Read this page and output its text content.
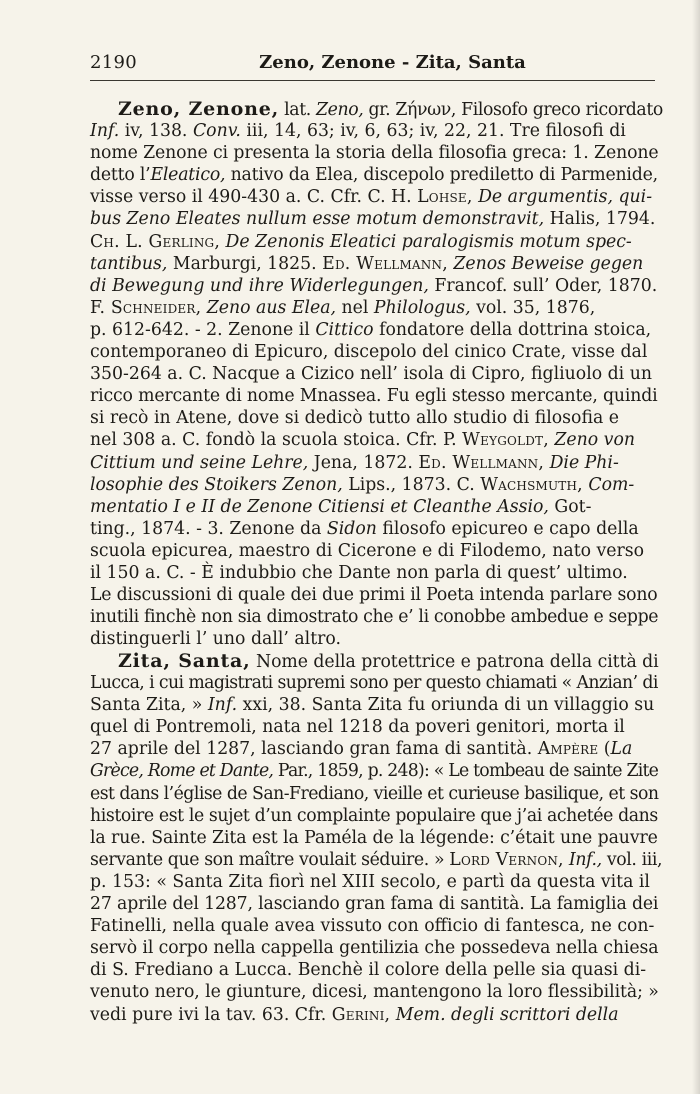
2190	Zeno, Zenone - Zita, Santa
Zeno, Zenone, lat. Zeno, gr. Ζήνων, Filosofo greco ricordato
Inf. iv, 138. Conv. iii, 14, 63; iv, 6, 63; iv, 22, 21. Tre filosofi di
nome Zenone ci presenta la storia della filosofia greca: 1. Zenone
detto l’Eleatico, nativo da Elea, discepolo prediletto di Parmenide,
visse verso il 490-430 a. C. Cfr. C. H. Lohse, De argumentis, qui-
bus Zeno Eleates nullum esse motum demonstravit, Halis, 1794.
Ch. L. Gerling, De Zenonis Eleatici paralogismis motum spec-
tantibus, Marburgi, 1825. Ed. Wellmann, Zenos Beweise gegen
di Bewegung und ihre Widerlegungen, Francof. sull’ Oder, 1870.
F. Schneider, Zeno aus Elea, nel Philologus, vol. 35, 1876,
p. 612-642. - 2. Zenone il Cittico fondatore della dottrina stoica,
contemporaneo di Epicuro, discepolo del cinico Crate, visse dal
350-264 a. C. Nacque a Cizico nell’ isola di Cipro, figliuolo di un
ricco mercante di nome Mnassea. Fu egli stesso mercante, quindi
si recò in Atene, dove si dedicò tutto allo studio di filosofia e
nel 308 a. C. fondò la scuola stoica. Cfr. P. Weygoldt, Zeno von
Cittium und seine Lehre, Jena, 1872. Ed. Wellmann, Die Phi-
losophie des Stoikers Zenon, Lips., 1873. C. Wachsmuth, Com-
mentatio I e II de Zenone Citiensi et Cleanthe Assio, Got-
ting., 1874. - 3. Zenone da Sidon filosofo epicureo e capo della
scuola epicurea, maestro di Cicerone e di Filodemo, nato verso
il 150 a. C. - È indubbio che Dante non parla di quest’ ultimo.
Le discussioni di quale dei due primi il Poeta intenda parlare sono
inutili finchè non sia dimostrato che e’ li conobbe ambedue e seppe
distinguerli l’ uno dall’ altro.
Zita, Santa, Nome della protettrice e patrona della città di
Lucca, i cui magistrati supremi sono per questo chiamati « Anzian’ di
Santa Zita, » Inf. xxi, 38. Santa Zita fu oriunda di un villaggio su
quel di Pontremoli, nata nel 1218 da poveri genitori, morta il
27 aprile del 1287, lasciando gran fama di santità. Ampère (La
Grèce, Rome et Dante, Par., 1859, p. 248): « Le tombeau de sainte Zite
est dans l’église de San-Frediano, vieille et curieuse basilique, et son
histoire est le sujet d’un complainte populaire que j’ai achetée dans
la rue. Sainte Zita est la Paméla de la légende: c’était une pauvre
servante que son maître voulait séduire. » Lord Vernon, Inf., vol. iii,
p. 153: « Santa Zita fiorì nel XIII secolo, e partì da questa vita il
27 aprile del 1287, lasciando gran fama di santità. La famiglia dei
Fatinelli, nella quale avea vissuto con officio di fantesca, ne con-
servò il corpo nella cappella gentilizia che possedeva nella chiesa
di S. Frediano a Lucca. Benchè il colore della pelle sia quasi di-
venuto nero, le giunture, dicesi, mantengono la loro flessibilità; »
vedi pure ivi la tav. 63. Cfr. Gerini, Mem. degli scrittori della
